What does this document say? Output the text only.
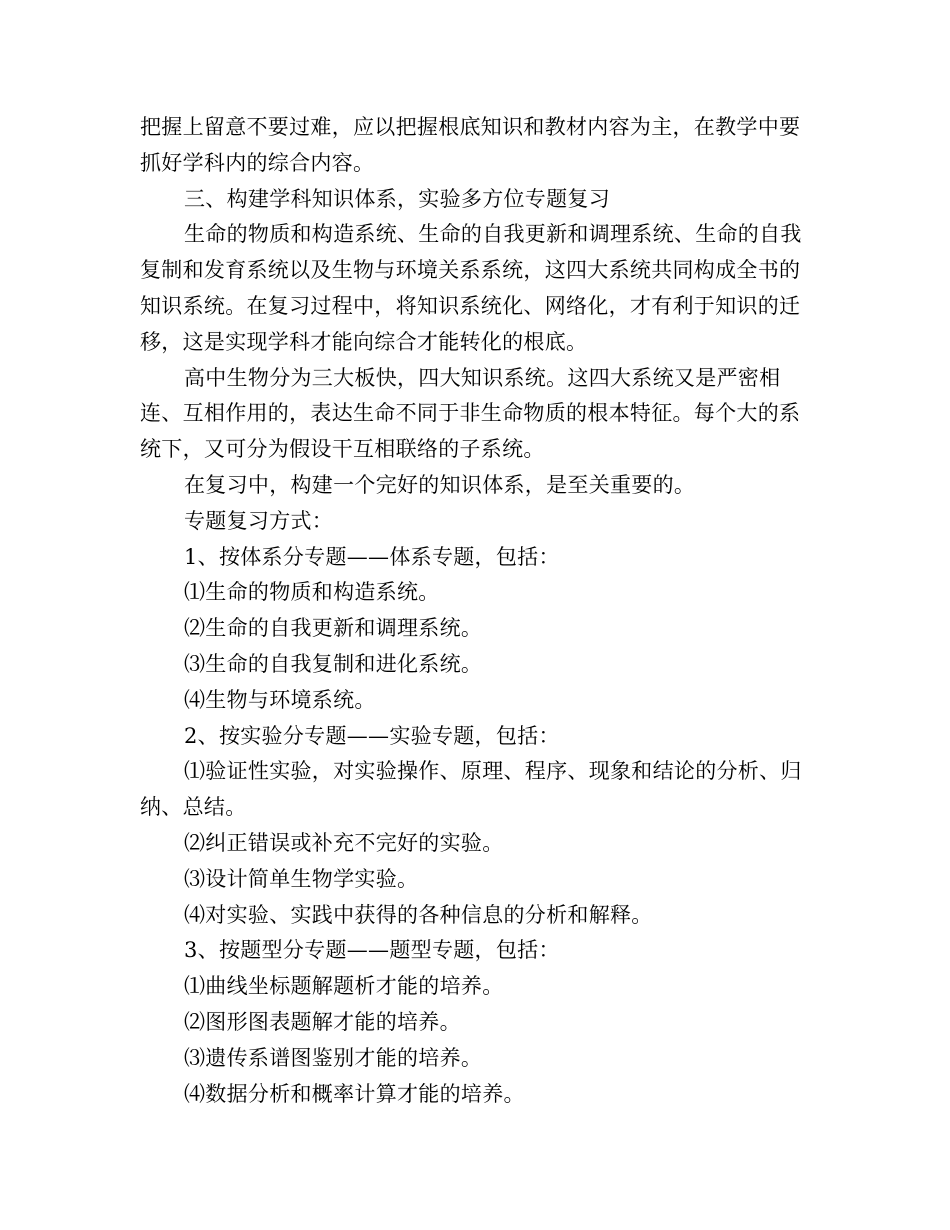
把握上留意不要过难，应以把握根底知识和教材内容为主，在教学中要抓好学科内的综合内容。

三、构建学科知识体系，实验多方位专题复习

生命的物质和构造系统、生命的自我更新和调理系统、生命的自我复制和发育系统以及生物与环境关系系统，这四大系统共同构成全书的知识系统。在复习过程中，将知识系统化、网络化，才有利于知识的迁移，这是实现学科才能向综合才能转化的根底。

高中生物分为三大板快，四大知识系统。这四大系统又是严密相连、互相作用的，表达生命不同于非生命物质的根本特征。每个大的系统下，又可分为假设干互相联络的子系统。

在复习中，构建一个完好的知识体系，是至关重要的。

专题复习方式：

1、按体系分专题——体系专题，包括：

⑴生命的物质和构造系统。

⑵生命的自我更新和调理系统。

⑶生命的自我复制和进化系统。

⑷生物与环境系统。

2、按实验分专题——实验专题，包括：

⑴验证性实验，对实验操作、原理、程序、现象和结论的分析、归纳、总结。

⑵纠正错误或补充不完好的实验。

⑶设计简单生物学实验。

⑷对实验、实践中获得的各种信息的分析和解释。

3、按题型分专题——题型专题，包括：

⑴曲线坐标题解题析才能的培养。

⑵图形图表题解才能的培养。

⑶遗传系谱图鉴别才能的培养。

⑷数据分析和概率计算才能的培养。
